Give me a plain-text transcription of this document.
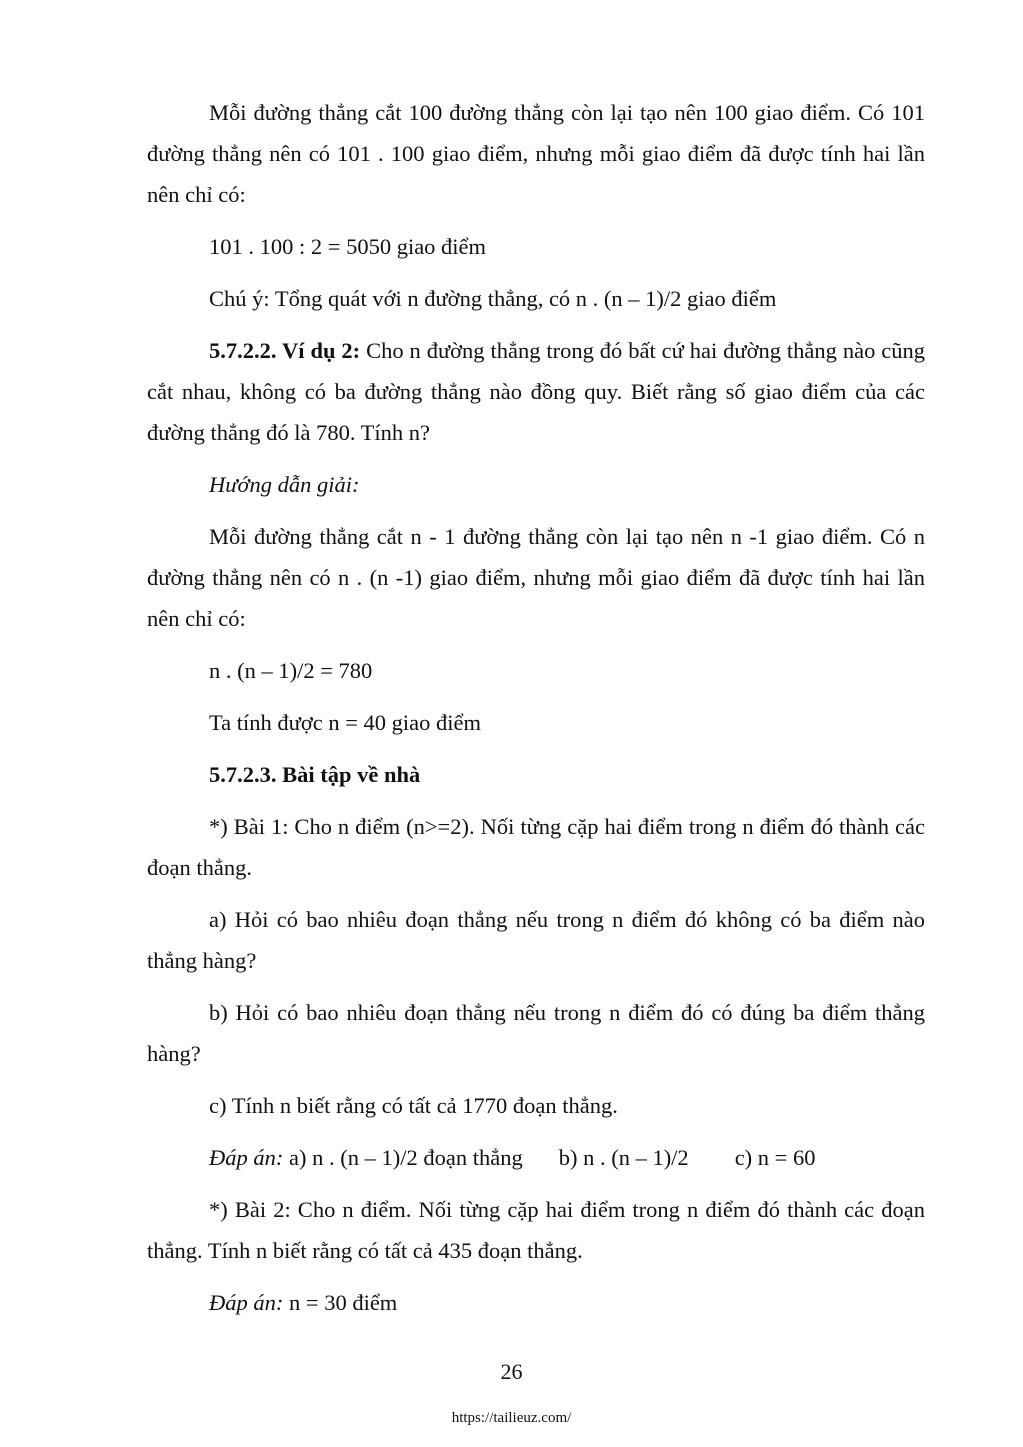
Mỗi đường thẳng cắt 100 đường thẳng còn lại tạo nên 100 giao điểm. Có 101 đường thẳng nên có 101 . 100 giao điểm, nhưng mỗi giao điểm đã được tính hai lần nên chỉ có:

101 . 100 : 2 = 5050 giao điểm

Chú ý: Tổng quát với n đường thẳng, có n . (n – 1)/2 giao điểm

5.7.2.2. Ví dụ 2: Cho n đường thẳng trong đó bất cứ hai đường thẳng nào cũng cắt nhau, không có ba đường thẳng nào đồng quy. Biết rằng số giao điểm của các đường thẳng đó là 780. Tính n?

Hướng dẫn giải:

Mỗi đường thẳng cắt n - 1 đường thẳng còn lại tạo nên n -1 giao điểm. Có n đường thẳng nên có n . (n -1) giao điểm, nhưng mỗi giao điểm đã được tính hai lần nên chỉ có:

n . (n – 1)/2 = 780

Ta tính được n = 40 giao điểm

5.7.2.3. Bài tập về nhà

*) Bài 1: Cho n điểm (n>=2). Nối từng cặp hai điểm trong n điểm đó thành các đoạn thẳng.

a) Hỏi có bao nhiêu đoạn thẳng nếu trong n điểm đó không có ba điểm nào thẳng hàng?

b) Hỏi có bao nhiêu đoạn thẳng nếu trong n điểm đó có đúng ba điểm thẳng hàng?

c) Tính n biết rằng có tất cả 1770 đoạn thẳng.

Đáp án: a) n . (n – 1)/2 đoạn thẳng b) n . (n – 1)/2 c) n = 60

*) Bài 2: Cho n điểm. Nối từng cặp hai điểm trong n điểm đó thành các đoạn thẳng. Tính n biết rằng có tất cả 435 đoạn thẳng.

Đáp án: n = 30 điểm

26
https://tailieuz.com/
